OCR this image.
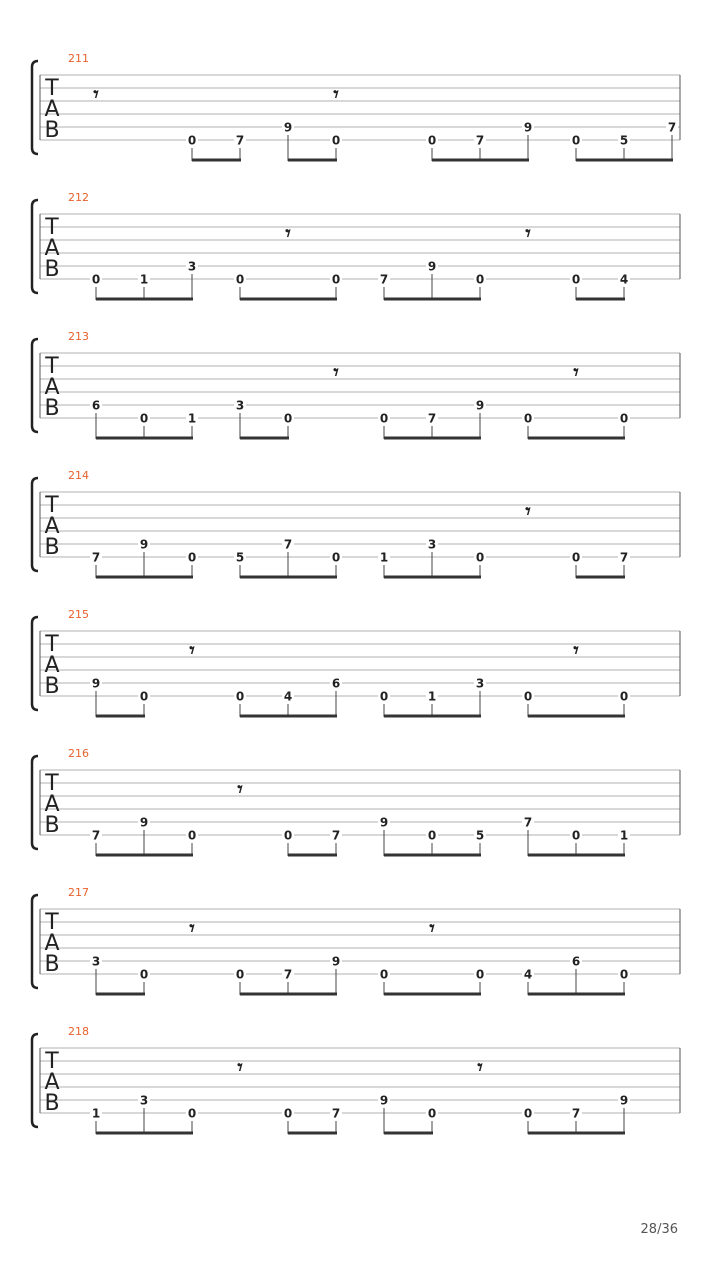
211
T
A
B
𝄾	𝄾
0	7
9
0	0	7
9
0	5
7
212
T
A
B
𝄾	𝄾
0	1
3
0	0	7
9
0	0	4
213
T
A
B
𝄾	𝄾
6
0	1
3
0	0	7
9
0	0
214
T
A
B
𝄾
7
9
0	5
7
0	1
3
0	0	7
215
T
A
B
𝄾	𝄾
9
0	0	4
6
0	1
3
0	0
216
T
A
B
𝄾
7
9
0	0	7
9
0	5
7
0	1
217
T
A
B
𝄾	𝄾
3
0	0	7
9
0	0	4
6
0
218
T
A
B
𝄾	𝄾
1
3
0	0	7
9
0	0	7
9
28/36
